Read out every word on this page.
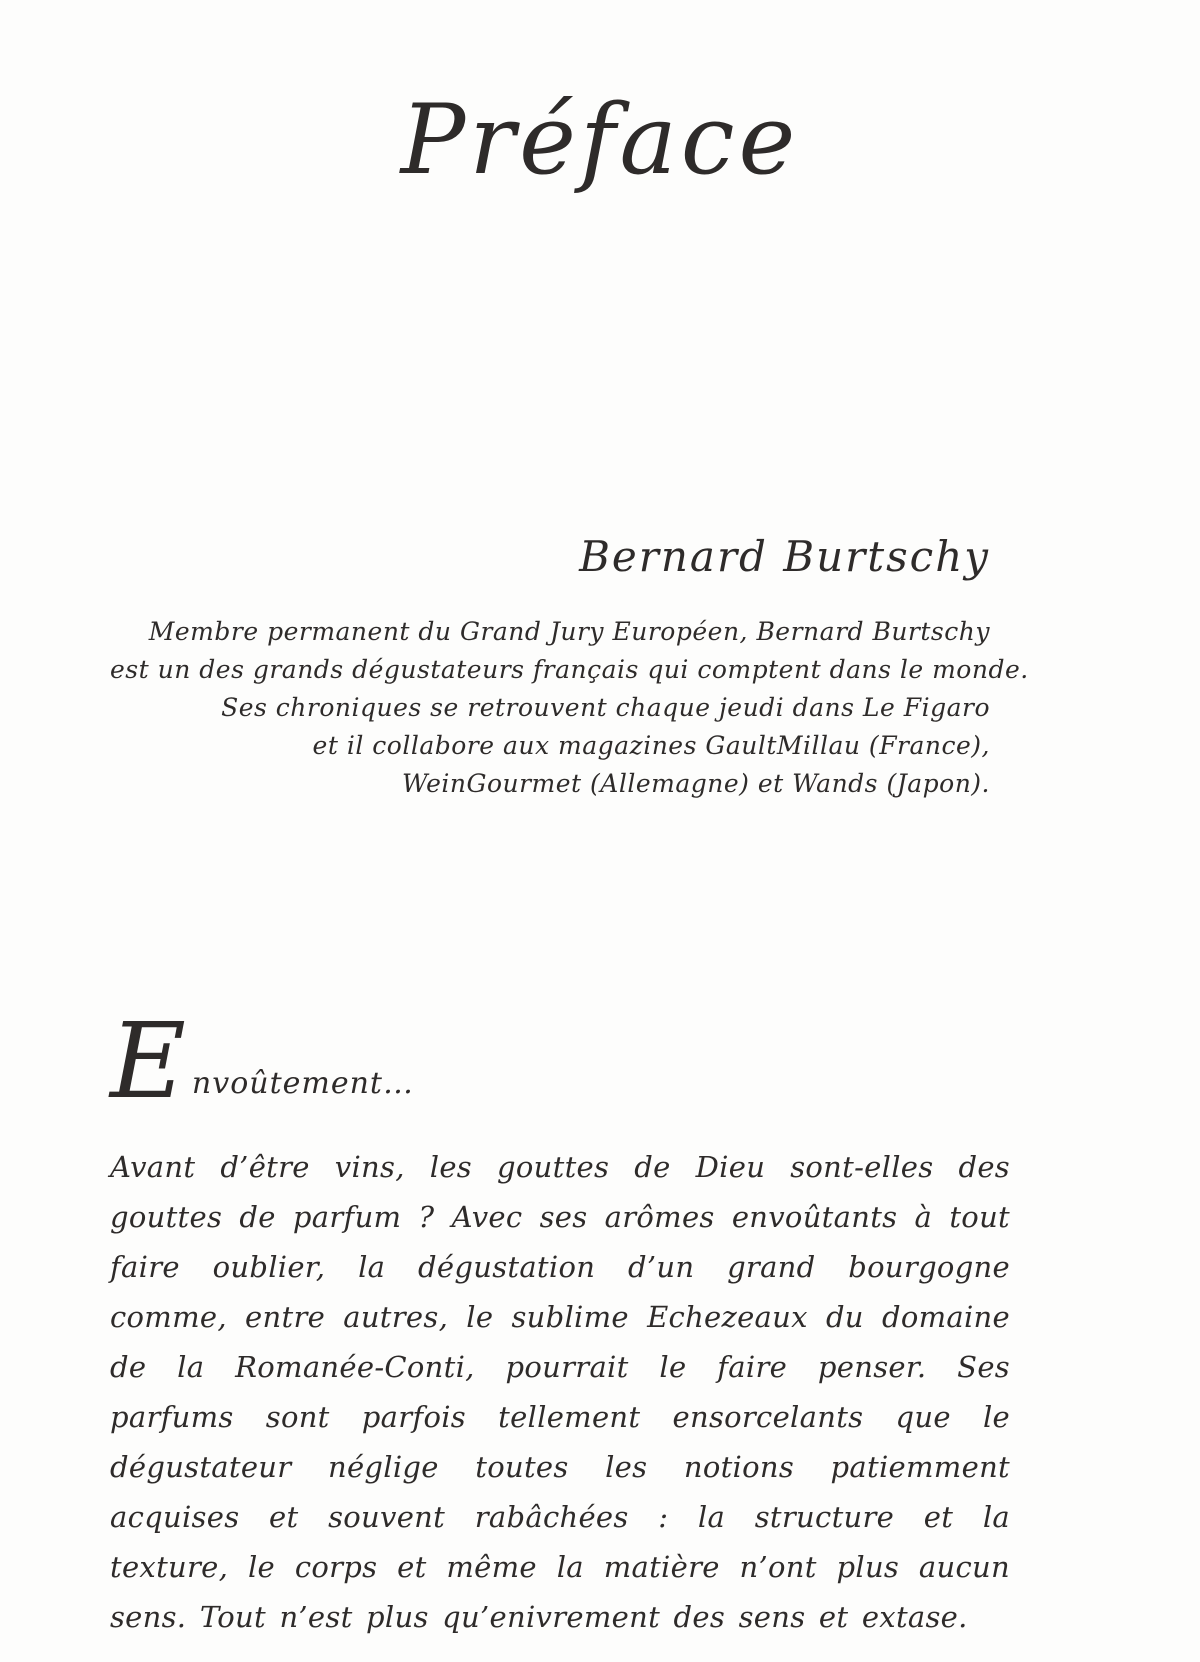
Préface
Bernard Burtschy
Membre permanent du Grand Jury Européen, Bernard Burtschy
est un des grands dégustateurs français qui comptent dans le monde.
Ses chroniques se retrouvent chaque jeudi dans Le Figaro
et il collabore aux magazines GaultMillau (France),
WeinGourmet (Allemagne) et Wands (Japon).
E nvoûtement…

Avant d’être vins, les gouttes de Dieu sont-elles des gouttes de parfum ? Avec ses arômes envoûtants à tout faire oublier, la dégustation d’un grand bourgogne comme, entre autres, le sublime Echezeaux du domaine de la Romanée-Conti, pourrait le faire penser. Ses parfums sont parfois tellement ensorcelants que le dégustateur néglige toutes les notions patiemment acquises et souvent rabâchées : la structure et la texture, le corps et même la matière n’ont plus aucun sens. Tout n’est plus qu’enivrement des sens et extase.
